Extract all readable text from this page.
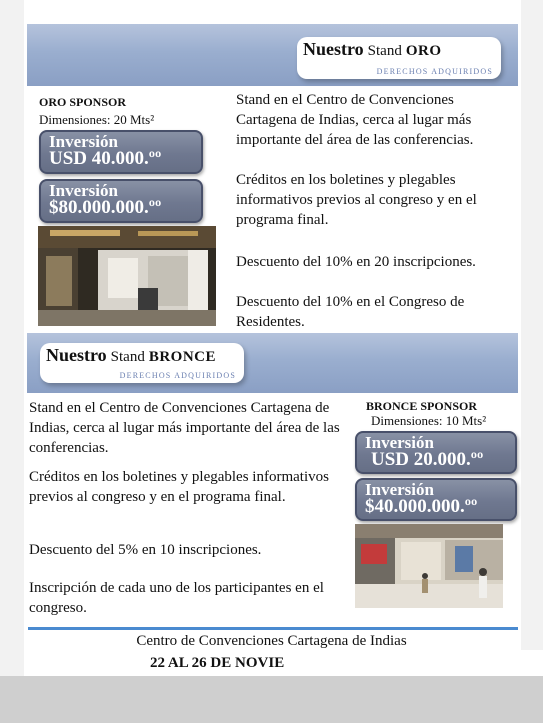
Nuestro Stand ORO
DERECHOS ADQUIRIDOS
ORO SPONSOR
Dimensiones: 20 Mts²
Inversión
USD 40.000.ºº
Inversión
$80.000.000.ºº
Stand en el Centro de Convenciones Cartagena de Indias, cerca al lugar más importante del área de las conferencias.
Créditos en los boletines y plegables informativos previos al congreso y en el programa final.
Descuento del 10% en 20 inscripciones.
Descuento del 10% en el Congreso de Residentes.
Nuestro Stand BRONCE
DERECHOS ADQUIRIDOS
Stand en el Centro de Convenciones Cartagena de Indias, cerca al lugar más importante del área de las conferencias.
Créditos en los boletines y plegables informativos previos al congreso y en el programa final.
Descuento del 5% en 10 inscripciones.
Inscripción de cada uno de los participantes en el congreso.
BRONCE SPONSOR
Dimensiones: 10 Mts²
Inversión
USD 20.000.ºº
Inversión
$40.000.000.ºº
Centro de Convenciones Cartagena de Indias
22 AL 26 DE NOVIE
